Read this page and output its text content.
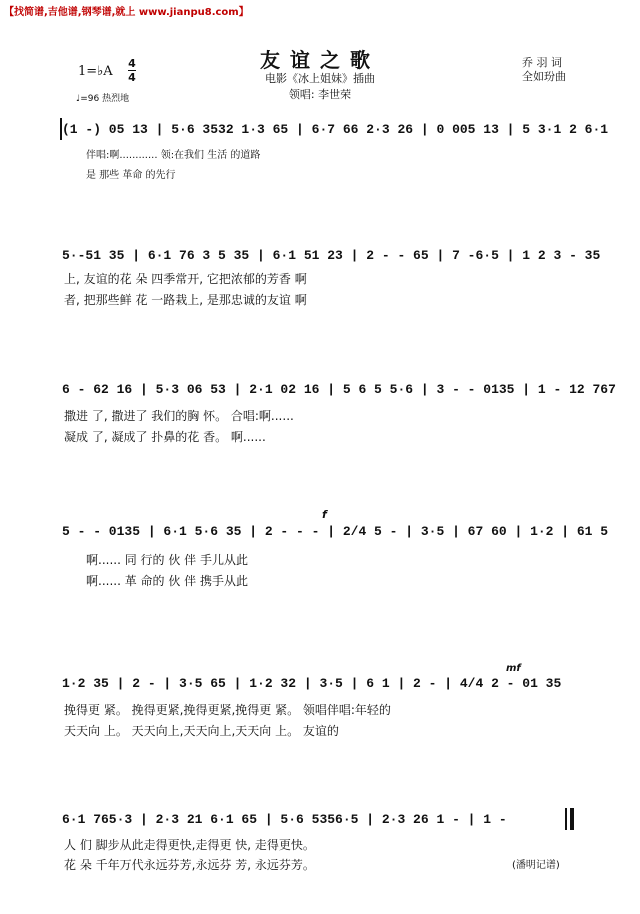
【找简谱,吉他谱,钢琴谱,就上 www.jianpu8.com】
友谊之歌
电影《冰上姐妹》插曲
领唱: 李世荣
1=♭A
4
4
♩=96 热烈地
乔 羽 词
全如玢曲
(1 -) 05 13 | 5·6 3532 1·3 65 | 6·7 66 2·3 26 | 0 005 13 | 5 3·1 2 6·1
伴唱:啊............ 领:在我们 生活 的道路
是 那些 革命 的先行
5·-51 35 | 6·1 76 3 5 35 | 6·1 51 23 | 2 - - 65 | 7 -6·5 | 1 2 3 - 35
上, 友谊的花 朵 四季常开, 它把浓郁的芳香 啊
者, 把那些鲜 花 一路栽上, 是那忠诚的友谊 啊
6 - 62 16 | 5·3 06 53 | 2·1 02 16 | 5 6 5 5·6 | 3 - - 0135 | 1 - 12 767
撒进 了, 撒进了 我们的胸 怀。 合唱:啊......
凝成 了, 凝成了 扑鼻的花 香。 啊......
f
5 - - 0135 | 6·1 5·6 35 | 2 - - - | 2/4 5 - | 3·5 | 67 60 | 1·2 | 61 5
啊...... 同 行的 伙 伴 手儿从此
啊...... 革 命的 伙 伴 携手从此
mf
1·2 35 | 2 - | 3·5 65 | 1·2 32 | 3·5 | 6 1 | 2 - | 4/4 2 - 01 35
挽得更 紧。 挽得更紧,挽得更紧,挽得更 紧。 领唱伴唱:年轻的
天天向 上。 天天向上,天天向上,天天向 上。 友谊的
6·1 765·3 | 2·3 21 6·1 65 | 5·6 5356·5 | 2·3 26 1 - | 1 -
人 们 脚步从此走得更快,走得更 快, 走得更快。
花 朵 千年万代永远芬芳,永远芬 芳, 永远芬芳。	(潘明记谱)
